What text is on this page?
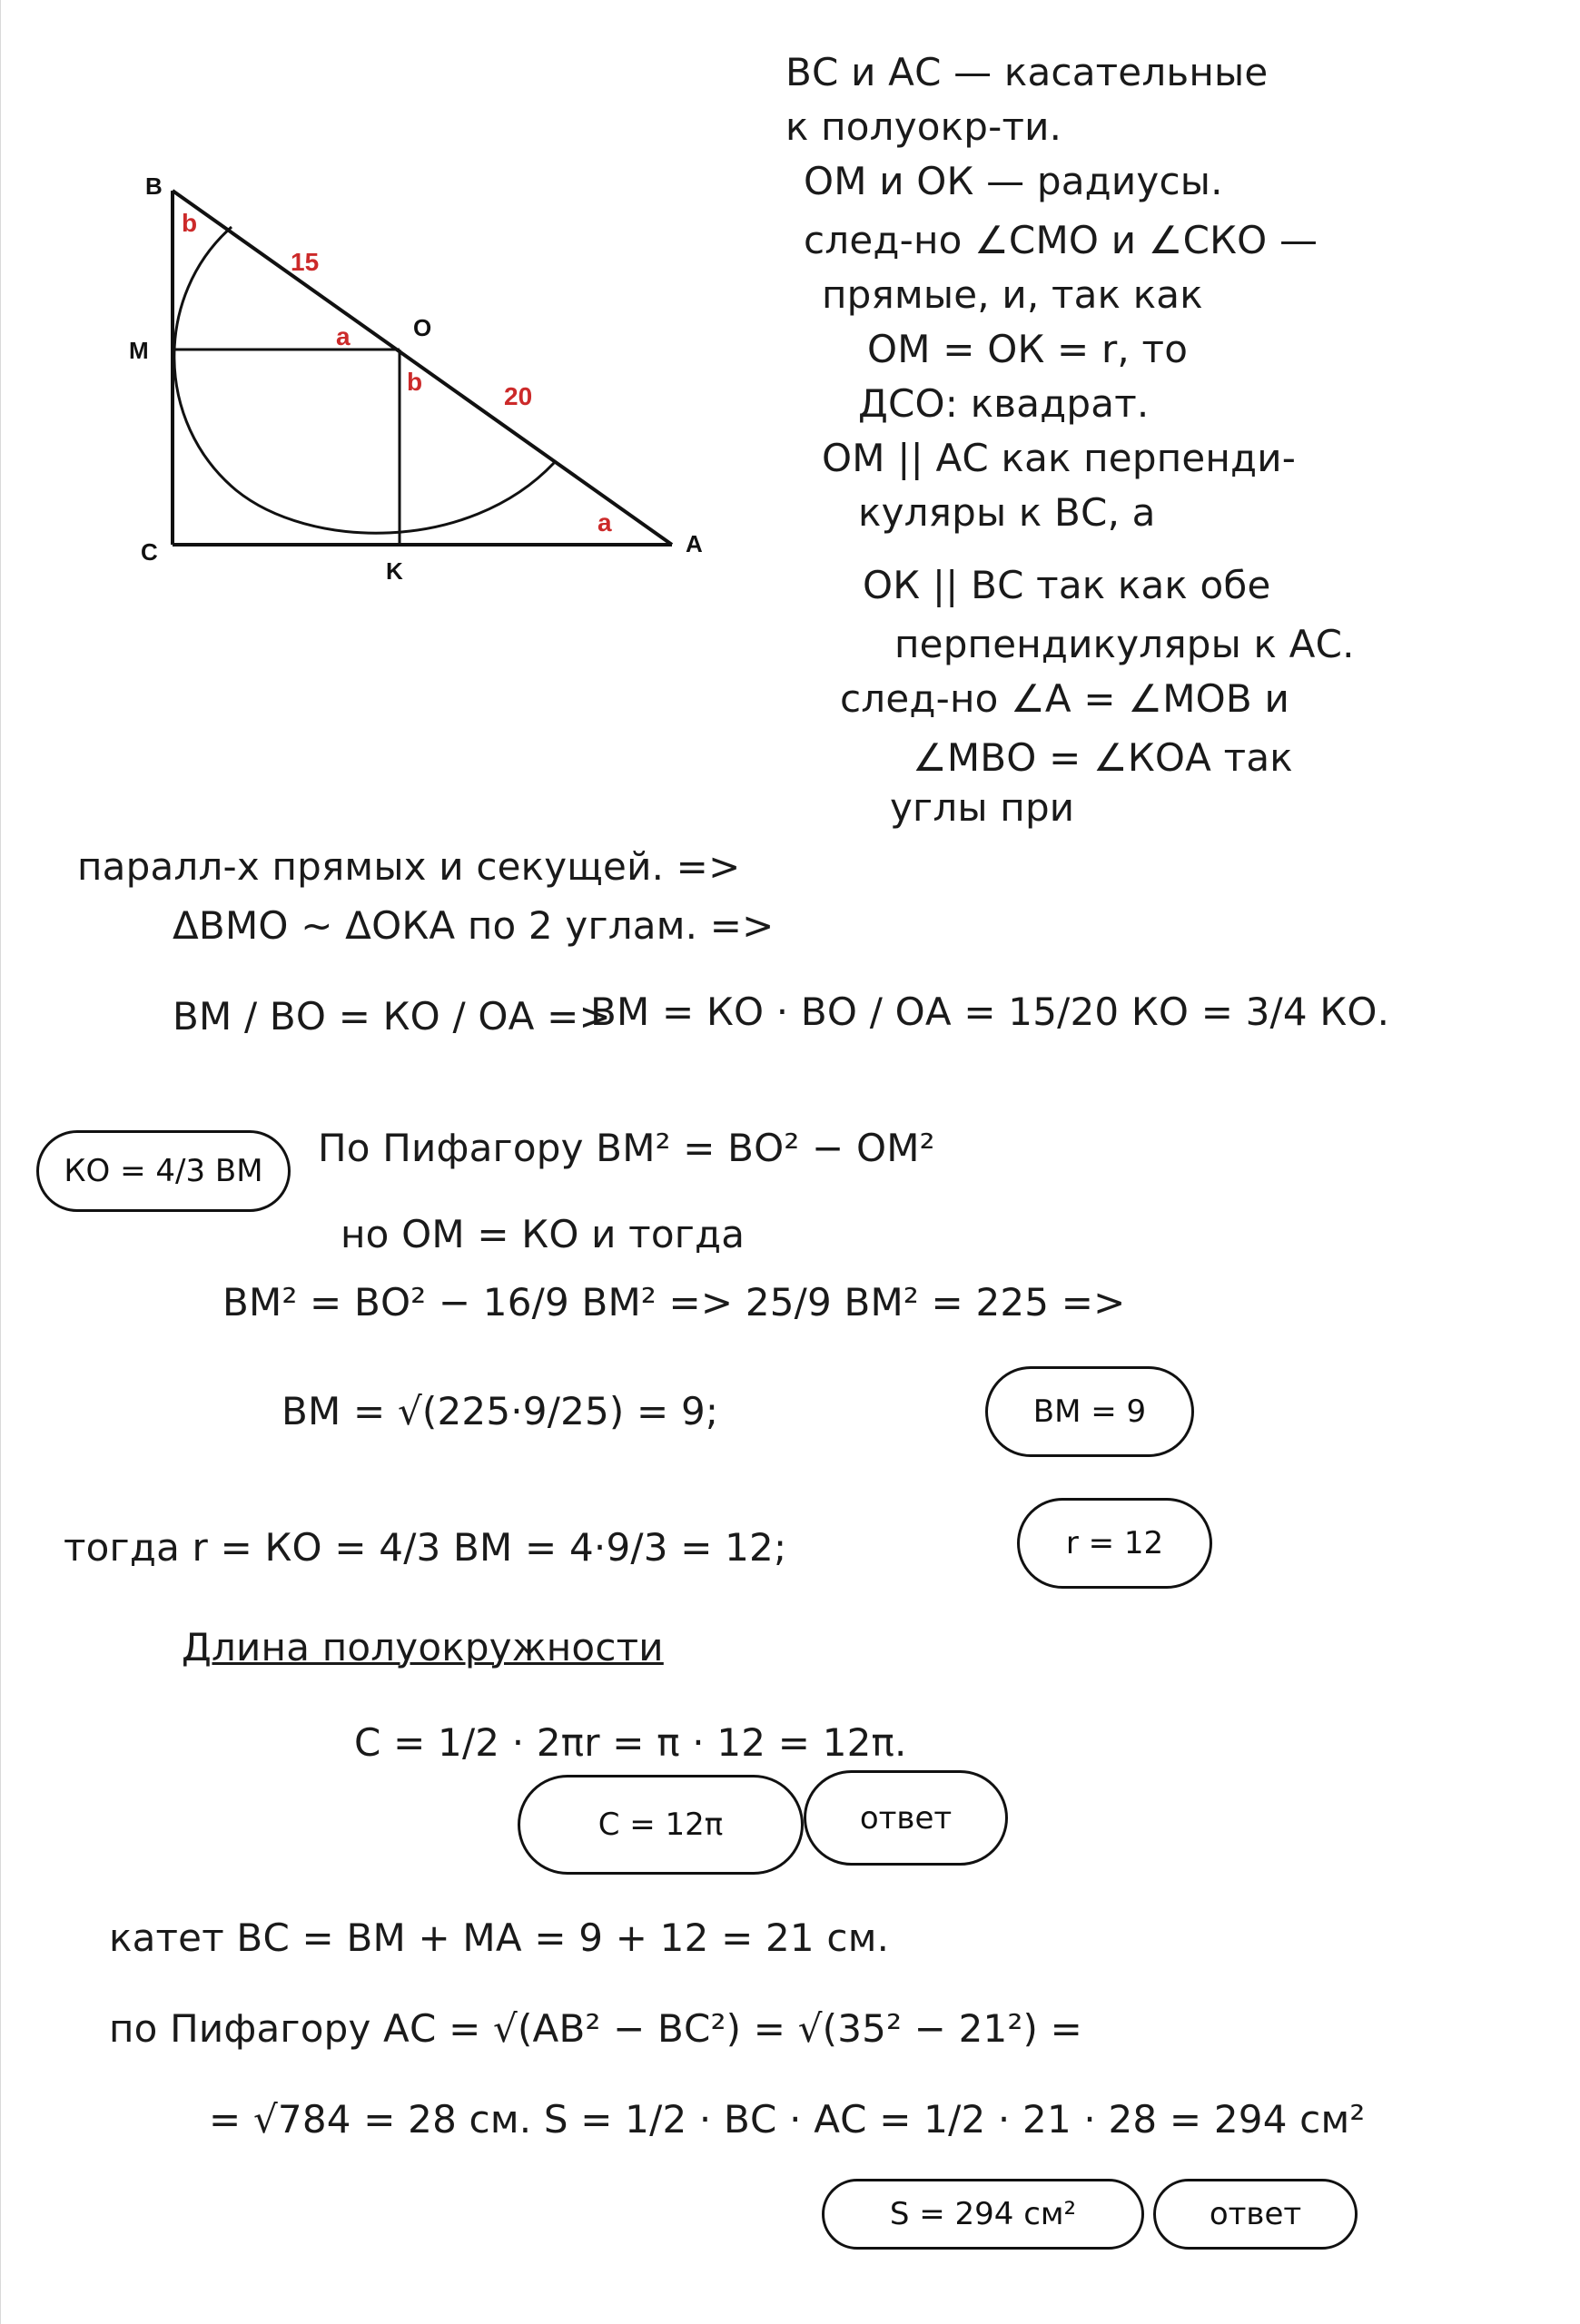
B
M
C
K
O
A
b
a
b
a
15
20
ВС и АС — касательные
к полуокр-ти.
ОМ и ОК — радиусы.
след-но ∠СМО и ∠СКО —
прямые, и, так как
ОМ = ОК = r, то
ДСО: квадрат.
ОМ || АС как перпенди-
куляры к ВС, а
ОК || ВС так как обе
перпендикуляры к АС.
след-но ∠А = ∠МОВ и
∠МВО = ∠КОА так
углы при
паралл-х прямых и секущей. =>
ΔВМО ~ ΔОКА по 2 углам. =>
ВМ / ВО = КО / ОА =>
ВМ = КО · ВО / ОА = 15/20 КО = 3/4 КО.
КО = 4/3 ВМ
По Пифагору ВМ² = ВО² − ОМ²
но ОМ = КО и тогда
ВМ² = ВО² − 16/9 ВМ² => 25/9 ВМ² = 225 =>
ВМ = √(225·9/25) = 9;	ВМ = 9
тогда r = КО = 4/3 ВМ = 4·9/3 = 12;	r = 12
Длина полуокружности
С = 1/2 · 2πr = π · 12 = 12π.
С = 12π	ответ
катет ВС = ВМ + МА = 9 + 12 = 21 см.
по Пифагору АС = √(АВ² − ВС²) = √(35² − 21²) =
= √784 = 28 см. S = 1/2 · ВС · АС = 1/2 · 21 · 28 = 294 см²
S = 294 см²	ответ
